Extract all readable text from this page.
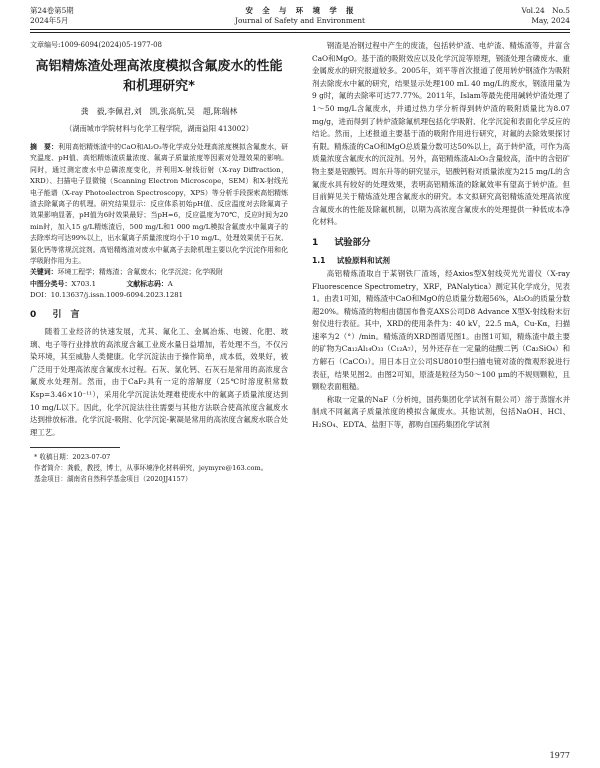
第24卷第5期
2024年5月
安　全　与　环　境　学　报
Journal of Safety and Environment
Vol.24　No.5
May, 2024
文章编号:1009-6094(2024)05-1977-08
高铝精炼渣处理高浓度模拟含氟废水的性能和机理研究*
龚　毅,李佩君,刘　凯,张高航,吴　超,陈瑞林
（湖南城市学院材料与化学工程学院，湖南益阳 413002）
摘　要：利用高铝精炼渣中的CaO和Al₂O₃等化学成分处理高浓度模拟含氟废水，研究温度、pH值、高铝精炼渣质量浓度、氟离子质量浓度等因素对处理效果的影响。同时，通过测定废水中总磷浓度变化，并利用X-射线衍射（X-ray Diffraction，XRD）、扫描电子显微镜（Scanning Electron Microscope，SEM）和X-射线光电子能谱（X-ray Photoelectron Spectroscopy，XPS）等分析手段探索高铝精炼渣去除氟离子的机理。研究结果显示：反应体系初始pH值、反应温度对去除氟离子效果影响显著，pH值为6时效果最好；当pH=6，反应温度为70℃，反应时间为20 min时，加入15 g/L精炼渣后，500 mg/L和1 000 mg/L模拟含氟废水中氟离子的去除率均可达99%以上，出水氟离子质量浓度均小于10 mg/L，处理效果优于石灰、氯化钙等常规沉淀剂。高铝精炼渣对废水中氟离子去除机理主要以化学沉淀作用和化学吸附作用为主。
关键词：环境工程学；精炼渣；含氟废水；化学沉淀；化学吸附
中图分类号：X703.1	文献标志码：A
DOI：10.13637/j.issn.1009-6094.2023.1281
0 引　言

随着工业经济的快速发展，尤其、氟化工、金属冶炼、电镀、化肥、玻璃、电子等行业排放的高浓度含氟工业废水量日益增加，若处理不当，不仅污染环境，其至威胁人类健康。化学沉淀法由于操作简单，成本低，效果好，被广泛用于处理高浓度含氟废水过程。石灰、氯化钙、石灰石是常用的高浓度含氟废水处理剂。然而，由于CaF₂具有一定的溶解度（25℃时溶度积常数Ksp=3.46×10⁻¹¹），采用化学沉淀法处理难使废水中的氟离子质量浓度达到10 mg/L以下。因此，化学沉淀法往往需要与其他方法联合使高浓度含氟废水达到排放标准。化学沉淀-吸附、化学沉淀-絮凝是常用的高浓度含氟废水联合处理工艺。

* 收稿日期：2023-07-07
作者简介：龚毅，教授，博士，从事环境净化材料研究，jeymyre@163.com。
基金项目：湖南省自然科学基金项目（2020JJ4157）

钢渣是冶钢过程中产生的废渣，包括转炉渣、电炉渣、精炼渣等，并富含CaO和MgO。基于渣的吸附效应以及化学沉淀等原理，钢渣处理含磷废水、重金属废水的研究报道较多。2005年，刘平等首次报道了使用转炉钢渣作为吸附剂去除废水中氟的研究，结果显示处理100 mL 40 mg/L的废水，钢渣用量为9 g时，氟的去除率可达77.77%。2011年，Islam等最先使用碱转炉渣处理了1～50 mg/L含氟废水，并通过热力学分析得到转炉渣的吸附质量比为8.07 mg/g，进而得到了转炉渣除氟机理包括化学吸附、化学沉淀和表面化学反应的结论。然而，上述报道主要基于渣的吸附作用进行研究，对氟的去除效果探讨有限。精炼渣的CaO和MgO总质量分数可达50%以上，高于转炉渣，可作为高质量浓度含氟废水的沉淀剂。另外，高铝精炼渣Al₂O₃含量较高，渣中的含铝矿物主要是铝酸钙。周东升等的研究显示，铝酸钙粉对质量浓度为215 mg/L的含氟废水具有较好的处理效果，表明高铝精炼渣的除氟效率有望高于转炉渣。但目前鲜见关于精炼渣处理含氟废水的研究。本文拟研究高铝精炼渣处理高浓度含氟废水的性能及除氟机制，以期为高浓度含氟废水的处理提供一种低成本净化材料。

1 试验部分
1.1 试验原料和试剂

高铝精炼渣取自于某钢铁厂渣场，经Axios型X射线荧光光谱仪（X-ray Fluorescence Spectrometry，XRF，PANalytica）测定其化学成分，见表1。由表1可知，精炼渣中CaO和MgO的总质量分数超56%，Al₂O₃的质量分数超20%。精炼渣的物相由德国布鲁克AXS公司D8 Advance X型X-射线粉末衍射仪进行表征。其中，XRD的使用条件为：40 kV，22.5 mA，Cu-Kα，扫描速率为2（°）/min。精炼渣的XRD图谱见图1。由图1可知，精炼渣中最主要的矿物为Ca₁₂Al₁₄O₃₃（C₁₂A₇），另外还存在一定量的硅酸二钙（Ca₂SiO₄）和方解石（CaCO₃）。用日本日立公司SU8010型扫描电镜对渣的微观形貌进行表征，结果见图2。由图2可知，原渣是粒径为50～100 μm的不规则颗粒，且颗粒表面粗糙。

称取一定量的NaF（分析纯，国药集团化学试剂有限公司）溶于蒸馏水并制成不同氟离子质量浓度的模拟含氟废水。其他试剂，包括NaOH、HCl、H₂SO₄、EDTA、盐胆下等，都购自国药集团化学试剂

1977
